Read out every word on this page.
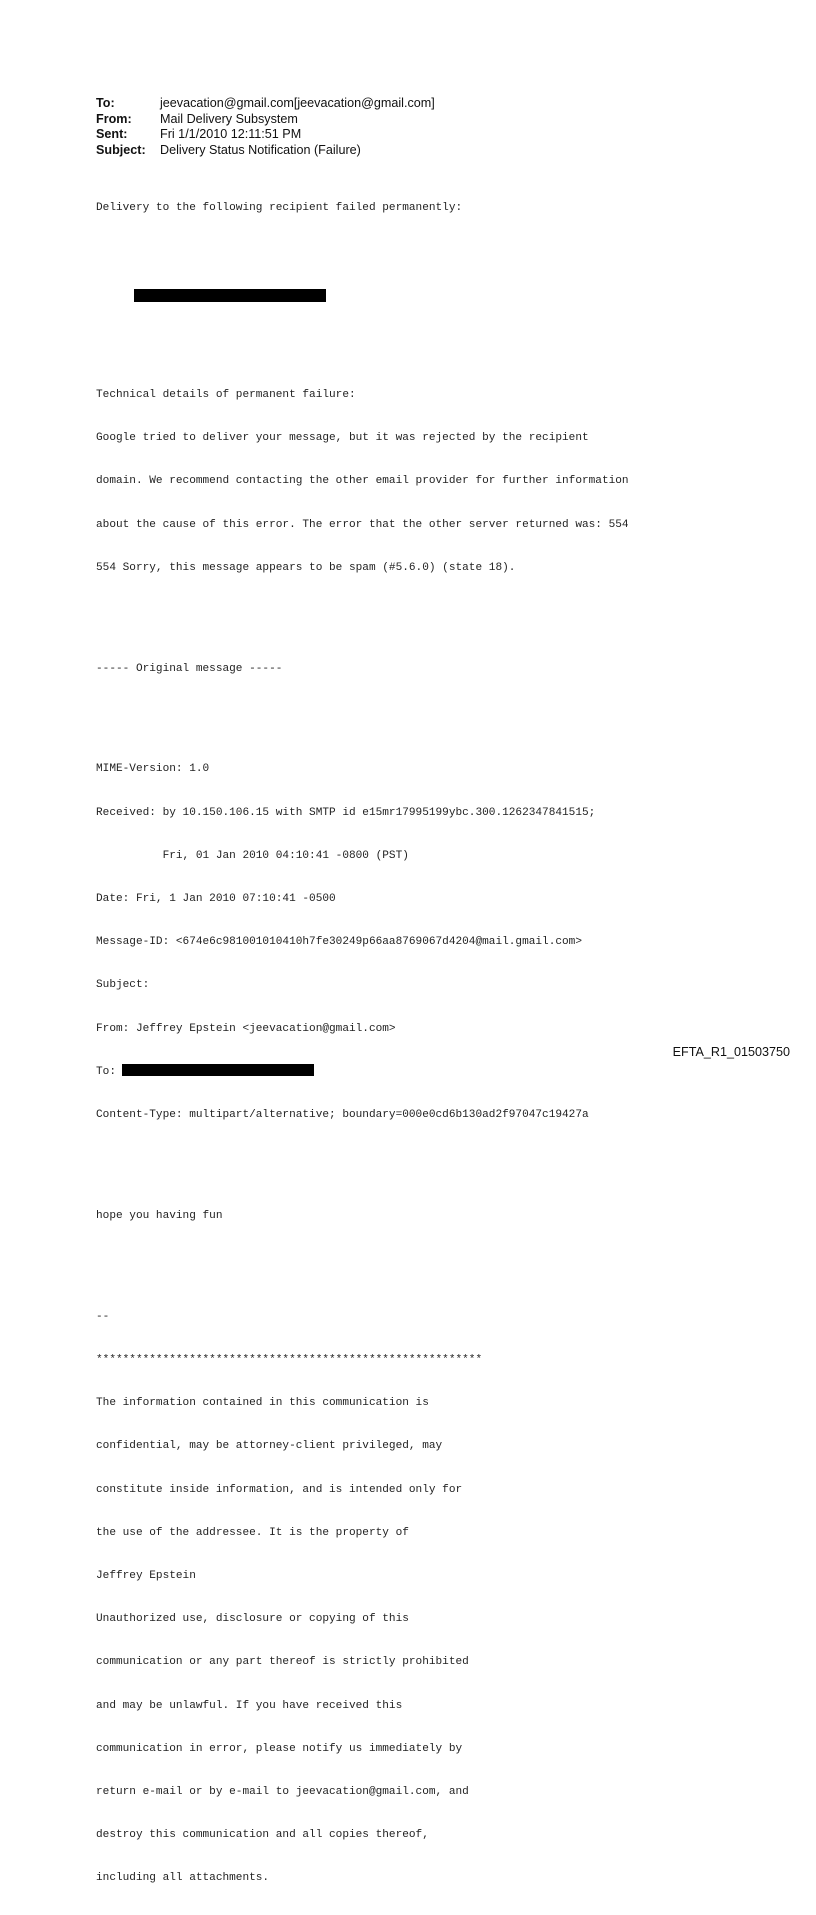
To:	jeevacation@gmail.com[jeevacation@gmail.com]
From:	Mail Delivery Subsystem
Sent:	Fri 1/1/2010 12:11:51 PM
Subject:	Delivery Status Notification (Failure)

Delivery to the following recipient failed permanently:

Technical details of permanent failure:

Google tried to deliver your message, but it was rejected by the recipient

domain. We recommend contacting the other email provider for further information

about the cause of this error. The error that the other server returned was: 554

554 Sorry, this message appears to be spam (#5.6.0) (state 18).

----- Original message -----

MIME-Version: 1.0

Received: by 10.150.106.15 with SMTP id e15mr17995199ybc.300.1262347841515;

Fri, 01 Jan 2010 04:10:41 -0800 (PST)

Date: Fri, 1 Jan 2010 07:10:41 -0500

Message-ID: <674e6c981001010410h7fe30249p66aa8769067d4204@mail.gmail.com>

Subject:

From: Jeffrey Epstein <jeevacation@gmail.com>

To:

Content-Type: multipart/alternative; boundary=000e0cd6b130ad2f97047c19427a

hope you having fun

--

**********************************************************

The information contained in this communication is

confidential, may be attorney-client privileged, may

constitute inside information, and is intended only for

the use of the addressee. It is the property of

Jeffrey Epstein

Unauthorized use, disclosure or copying of this

communication or any part thereof is strictly prohibited

and may be unlawful. If you have received this

communication in error, please notify us immediately by

return e-mail or by e-mail to jeevacation@gmail.com, and

destroy this communication and all copies thereof,

including all attachments.

EFTA_R1_01503750
